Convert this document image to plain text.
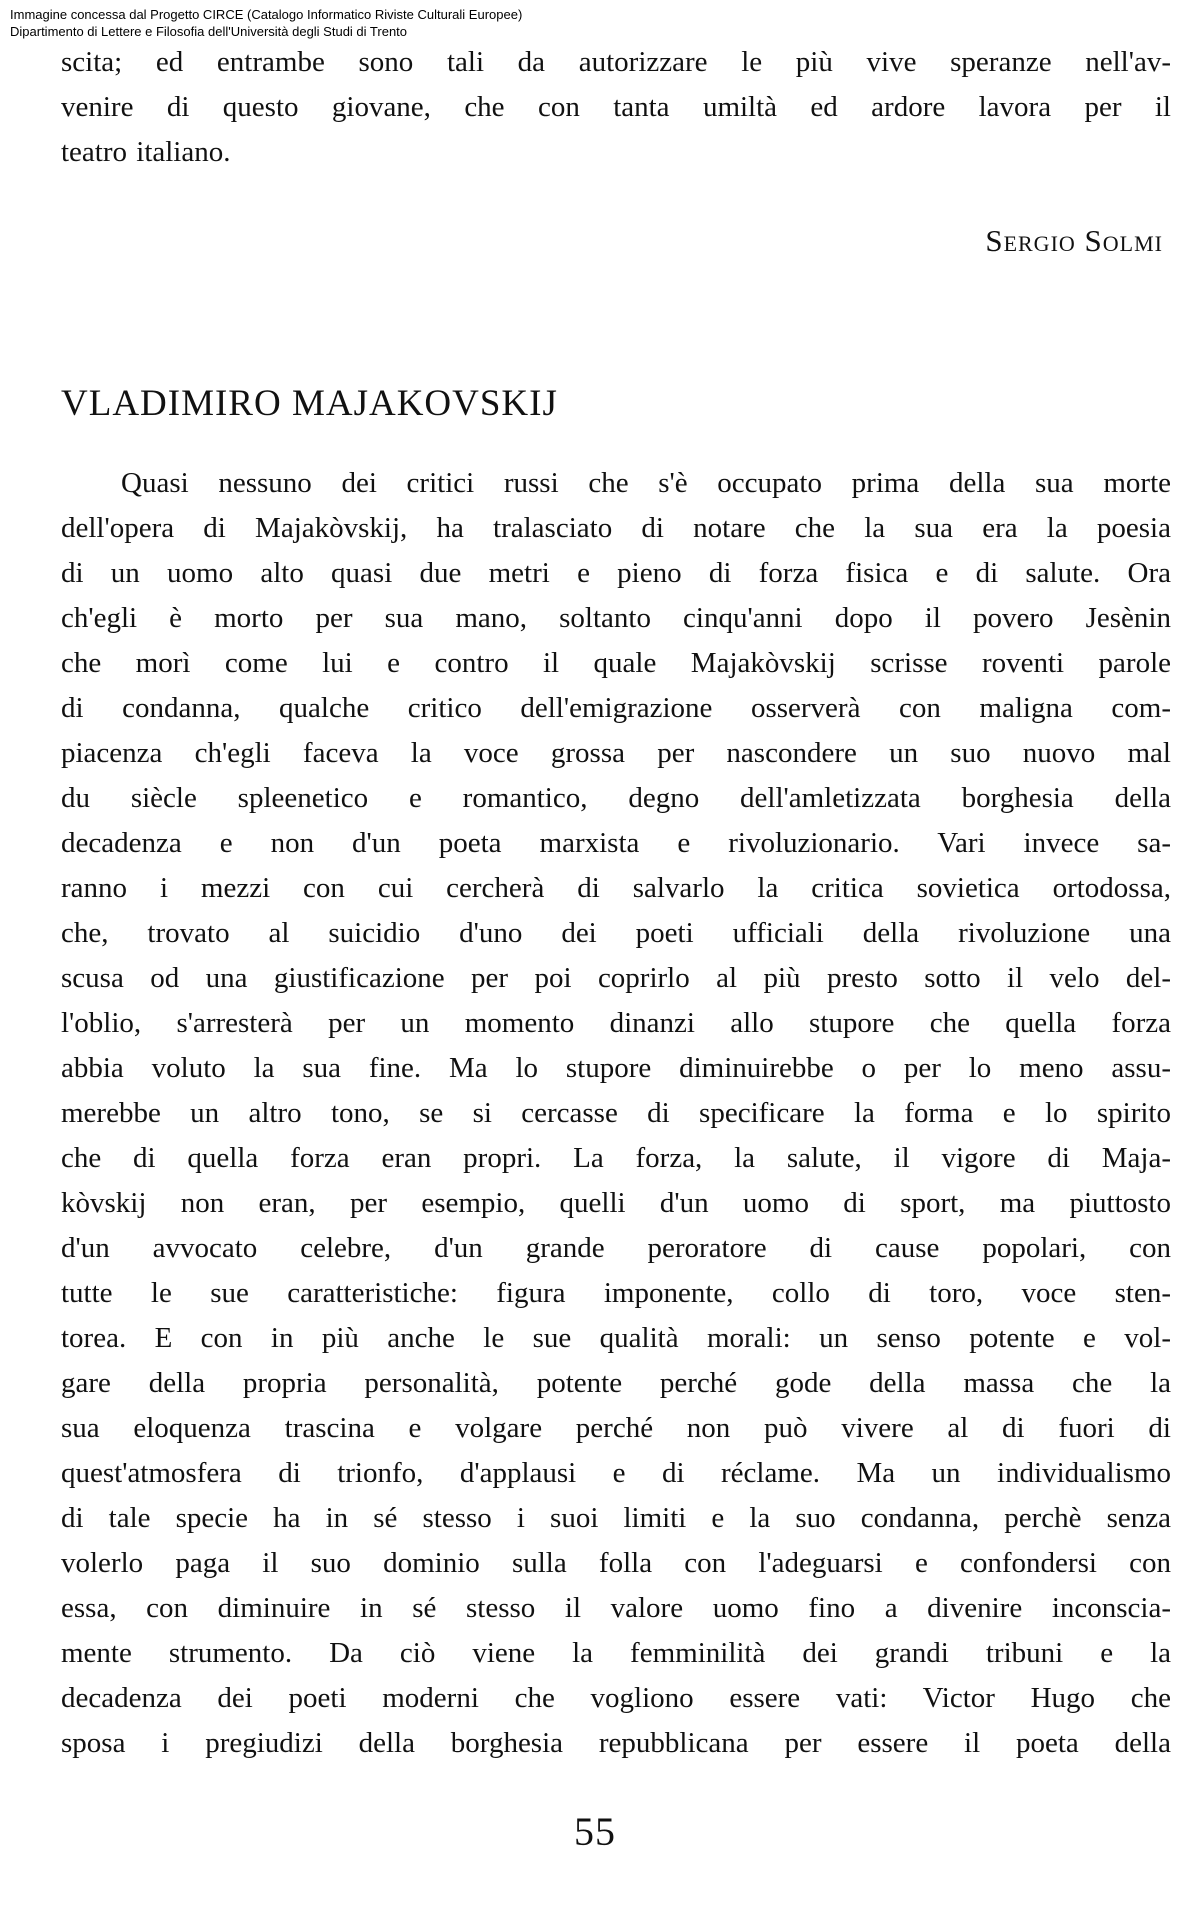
Immagine concessa dal Progetto CIRCE (Catalogo Informatico Riviste Culturali Europee)
Dipartimento di Lettere e Filosofia dell'Università degli Studi di Trento
scita; ed entrambe sono tali da autorizzare le più vive speranze nell'av-
venire di questo giovane, che con tanta umiltà ed ardore lavora per il
teatro italiano.
Sergio Solmi
VLADIMIRO MAJAKOVSKIJ
Quasi nessuno dei critici russi che s'è occupato prima della sua morte
dell'opera di Majakòvskij, ha tralasciato di notare che la sua era la poesia
di un uomo alto quasi due metri e pieno di forza fisica e di salute. Ora
ch'egli è morto per sua mano, soltanto cinqu'anni dopo il povero Jesènin
che morì come lui e contro il quale Majakòvskij scrisse roventi parole
di condanna, qualche critico dell'emigrazione osserverà con maligna com-
piacenza ch'egli faceva la voce grossa per nascondere un suo nuovo mal
du siècle spleenetico e romantico, degno dell'amletizzata borghesia della
decadenza e non d'un poeta marxista e rivoluzionario. Vari invece sa-
ranno i mezzi con cui cercherà di salvarlo la critica sovietica ortodossa,
che, trovato al suicidio d'uno dei poeti ufficiali della rivoluzione una
scusa od una giustificazione per poi coprirlo al più presto sotto il velo del-
l'oblio, s'arresterà per un momento dinanzi allo stupore che quella forza
abbia voluto la sua fine. Ma lo stupore diminuirebbe o per lo meno assu-
merebbe un altro tono, se si cercasse di specificare la forma e lo spirito
che di quella forza eran propri. La forza, la salute, il vigore di Maja-
kòvskij non eran, per esempio, quelli d'un uomo di sport, ma piuttosto
d'un avvocato celebre, d'un grande peroratore di cause popolari, con
tutte le sue caratteristiche: figura imponente, collo di toro, voce sten-
torea. E con in più anche le sue qualità morali: un senso potente e vol-
gare della propria personalità, potente perché gode della massa che la
sua eloquenza trascina e volgare perché non può vivere al di fuori di
quest'atmosfera di trionfo, d'applausi e di réclame. Ma un individualismo
di tale specie ha in sé stesso i suoi limiti e la suo condanna, perchè senza
volerlo paga il suo dominio sulla folla con l'adeguarsi e confondersi con
essa, con diminuire in sé stesso il valore uomo fino a divenire inconscia-
mente strumento. Da ciò viene la femminilità dei grandi tribuni e la
decadenza dei poeti moderni che vogliono essere vati: Victor Hugo che
sposa i pregiudizi della borghesia repubblicana per essere il poeta della
55
